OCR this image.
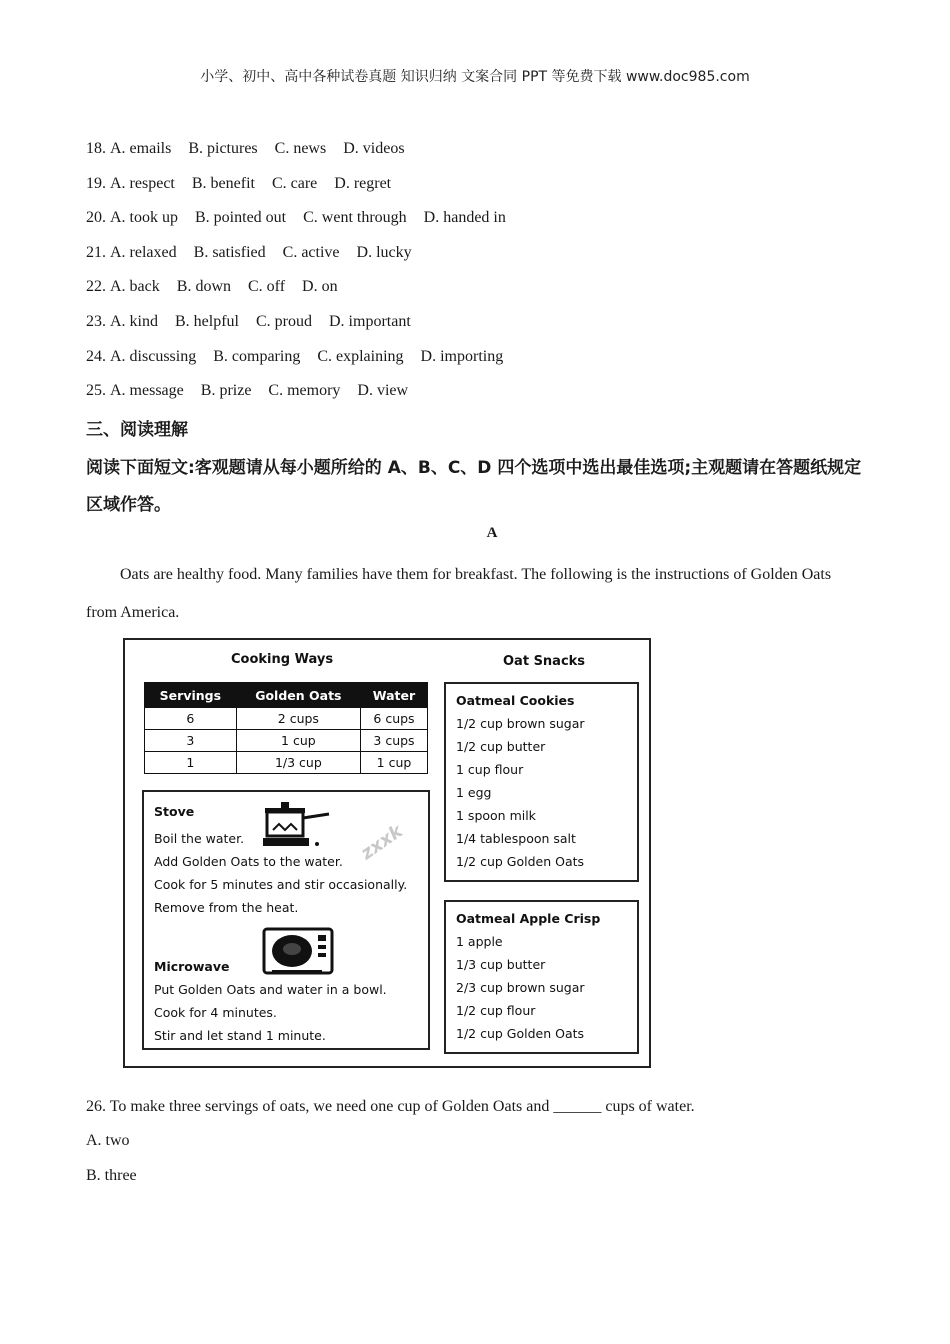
小学、初中、高中各种试卷真题 知识归纳 文案合同 PPT 等免费下载 www.doc985.com
18. A. emails B. pictures C. news D. videos
19. A. respect B. benefit C. care D. regret
20. A. took up B. pointed out C. went through D. handed in
21. A. relaxed B. satisfied C. active D. lucky
22. A. back B. down C. off D. on
23. A. kind B. helpful C. proud D. important
24. A. discussing B. comparing C. explaining D. importing
25. A. message B. prize C. memory D. view
三、阅读理解
阅读下面短文:客观题请从每小题所给的 A、B、C、D 四个选项中选出最佳选项;主观题请在答题纸规定区域作答。
A
Oats are healthy food. Many families have them for breakfast. The following is the instructions of Golden Oats from America.
Cooking Ways	Oat Snacks
Servings	Golden Oats	Water
6	2 cups	6 cups
3	1 cup	3 cups
1	1/3 cup	1 cup
Stove
Boil the water.
Add Golden Oats to the water.
Cook for 5 minutes and stir occasionally.
Remove from the heat.
zxxk
Microwave
Put Golden Oats and water in a bowl.
Cook for 4 minutes.
Stir and let stand 1 minute.
Oatmeal Cookies
1/2 cup brown sugar
1/2 cup butter
1 cup flour
1 egg
1 spoon milk
1/4 tablespoon salt
1/2 cup Golden Oats
Oatmeal Apple Crisp
1 apple
1/3 cup butter
2/3 cup brown sugar
1/2 cup flour
1/2 cup Golden Oats
26. To make three servings of oats, we need one cup of Golden Oats and ______ cups of water.
A. two
B. three
